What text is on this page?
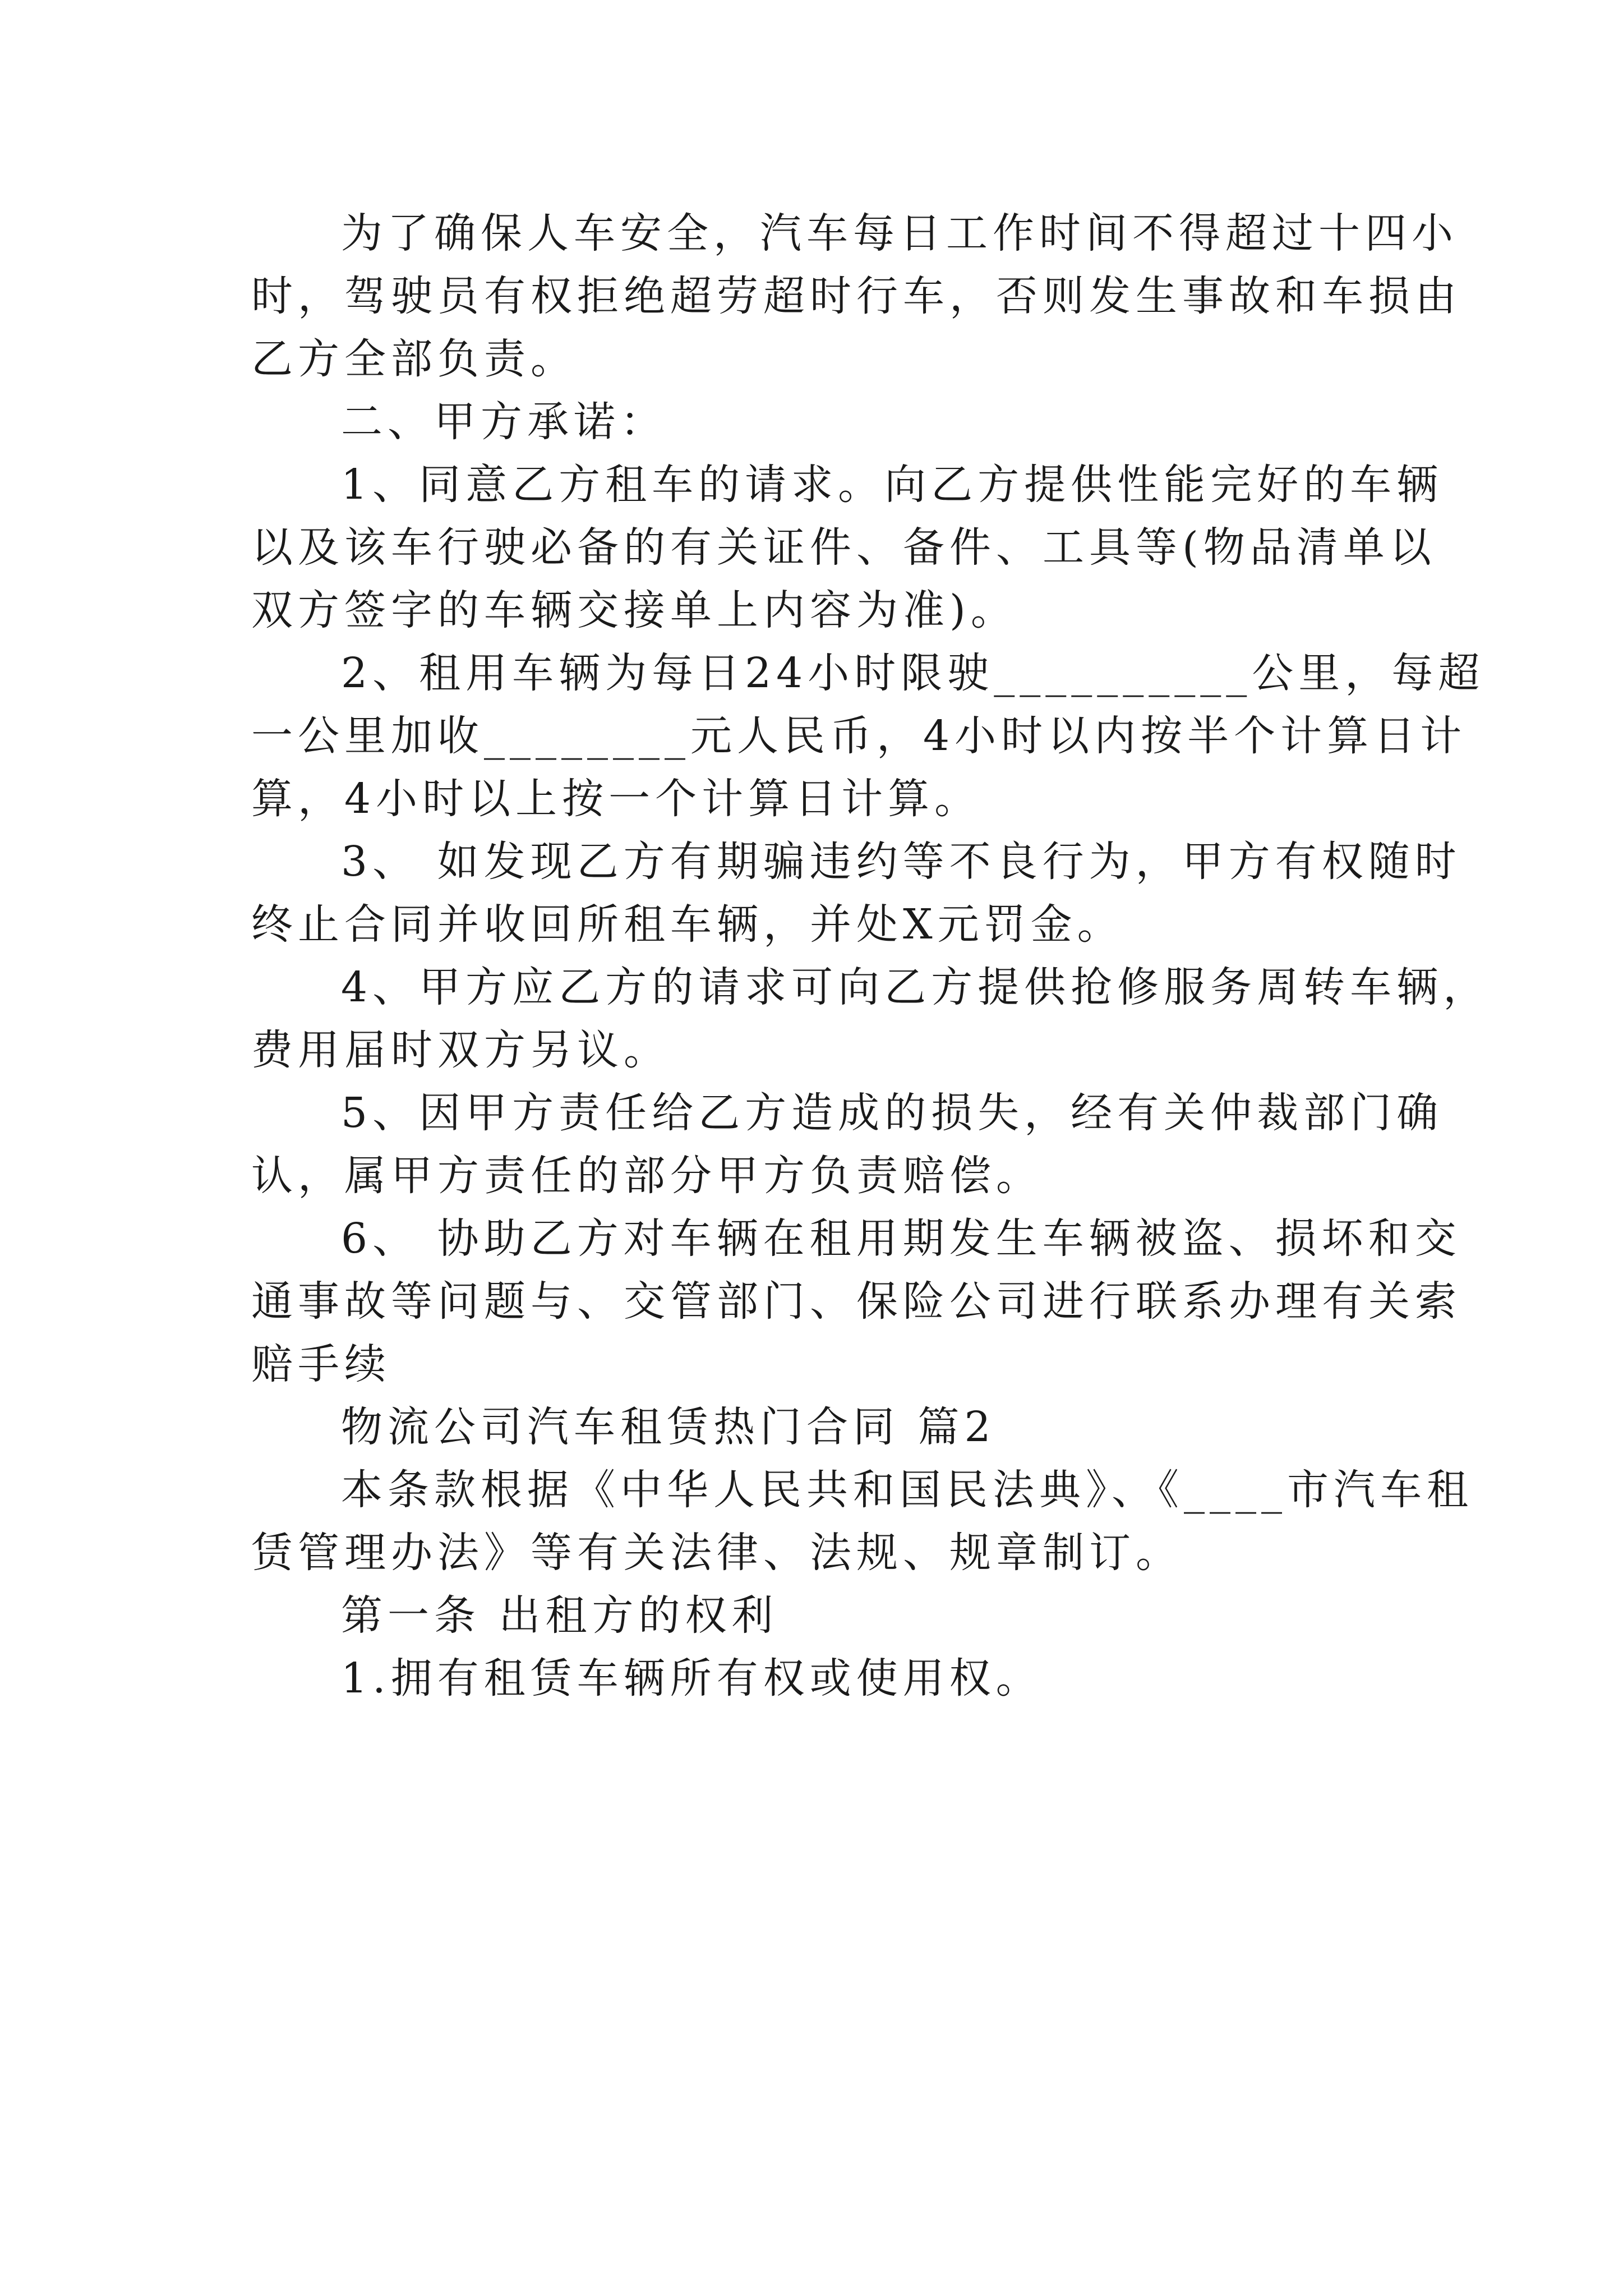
为了确保人车安全，汽车每日工作时间不得超过十四小

时，驾驶员有权拒绝超劳超时行车，否则发生事故和车损由

乙方全部负责。

二、甲方承诺：

1、同意乙方租车的请求。向乙方提供性能完好的车辆

以及该车行驶必备的有关证件、备件、工具等(物品清单以

双方签字的车辆交接单上内容为准)。

2、租用车辆为每日24小时限驶__________公里，每超

一公里加收________元人民币，4小时以内按半个计算日计

算，4小时以上按一个计算日计算。

3、 如发现乙方有期骗违约等不良行为，甲方有权随时

终止合同并收回所租车辆，并处X元罚金。

4、甲方应乙方的请求可向乙方提供抢修服务周转车辆，

费用届时双方另议。

5、因甲方责任给乙方造成的损失，经有关仲裁部门确

认，属甲方责任的部分甲方负责赔偿。

6、 协助乙方对车辆在租用期发生车辆被盗、损坏和交

通事故等问题与、交管部门、保险公司进行联系办理有关索

赔手续

物流公司汽车租赁热门合同 篇2

本条款根据《中华人民共和国民法典》、《____市汽车租

赁管理办法》等有关法律、法规、规章制订。

第一条 出租方的权利

1.拥有租赁车辆所有权或使用权。
